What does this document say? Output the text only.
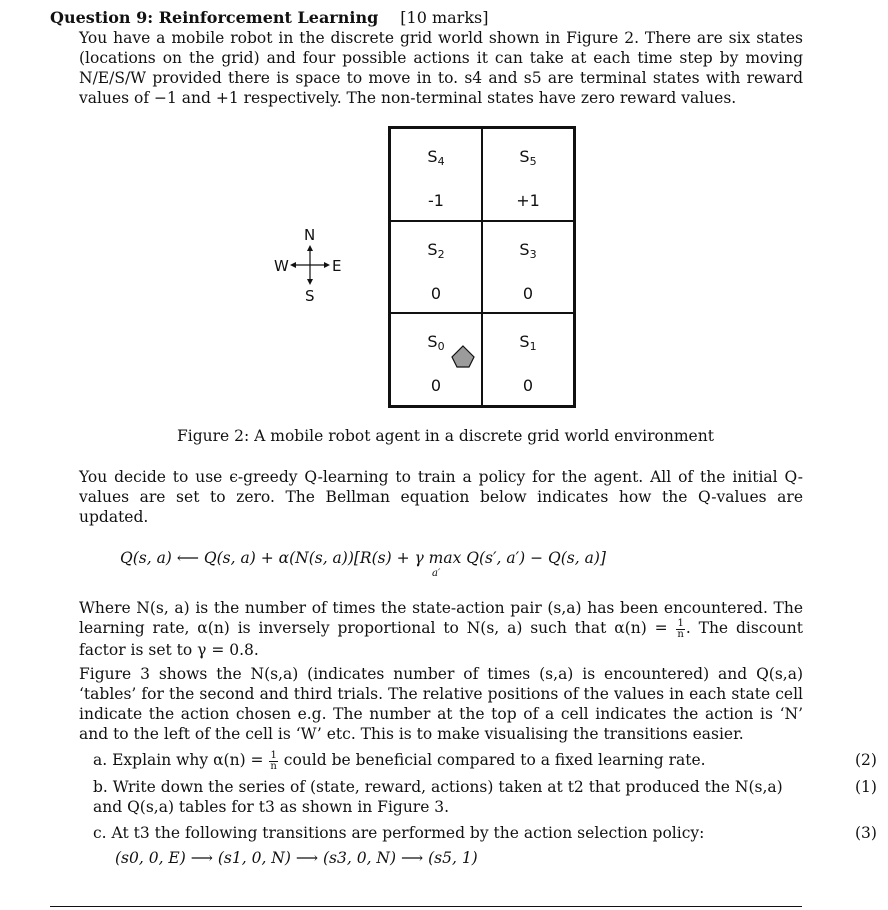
Question 9: Reinforcement Learning [10 marks]
You have a mobile robot in the discrete grid world shown in Figure 2. There are six states (locations on the grid) and four possible actions it can take at each time step by moving N/E/S/W provided there is space to move in to. s4 and s5 are terminal states with reward values of −1 and +1 respectively. The non-terminal states have zero reward values.
$S_4$
-1
$S_5$
+1
$S_2$
0
$S_3$
0
$S_0$
0
$S_1$
0
N
E
S
W
Figure 2: A mobile robot agent in a discrete grid world environment
You decide to use ϵ-greedy Q-learning to train a policy for the agent. All of the initial Q-values are set to zero. The Bellman equation below indicates how the Q-values are updated.
Q(s, a) ⟵ Q(s, a) + α(N(s, a))[R(s) + γ max Q(s′, a′) − Q(s, a)]
a′
Where N(s, a) is the number of times the state-action pair (s,a) has been encountered. The learning rate, α(n) is inversely proportional to N(s, a) such that $\alpha(n) = \frac{1}{n}$ . The discount factor is set to γ = 0.8.
Figure 3 shows the N(s,a) (indicates number of times (s,a) is encountered) and Q(s,a) ‘tables’ for the second and third trials. The relative positions of the values in each state cell indicate the action chosen e.g. The number at the top of a cell indicates the action is ‘N’ and to the left of the cell is ‘W’ etc. This is to make visualising the transitions easier.
a. Explain why $\alpha(n) = \frac{1}{n}$ could be beneficial compared to a fixed learning rate.	(2)
b. Write down the series of (state, reward, actions) taken at t2 that produced the N(s,a) and Q(s,a) tables for t3 as shown in Figure 3.
(1)
c. At t3 the following transitions are performed by the action selection policy:	(3)
(s0, 0, E) ⟶ (s1, 0, N) ⟶ (s3, 0, N) ⟶ (s5, 1)
